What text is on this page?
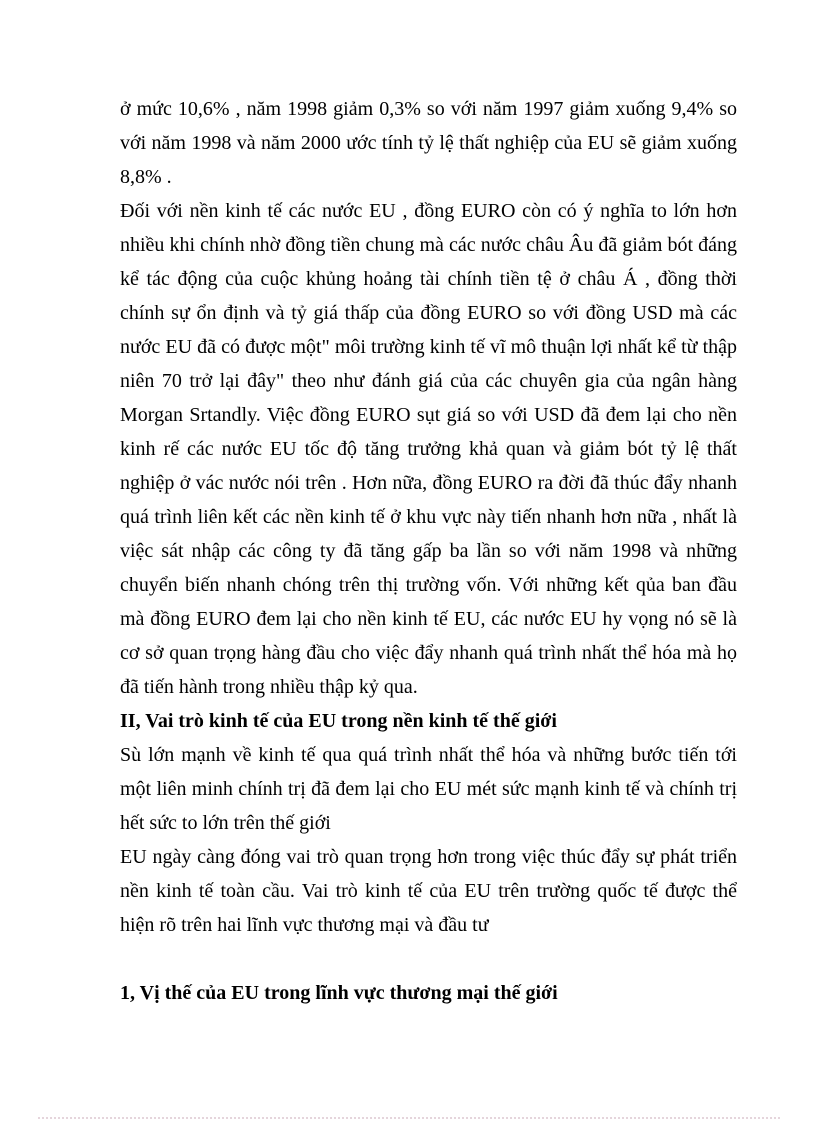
ở mức 10,6% , năm 1998 giảm 0,3% so với năm 1997 giảm xuống 9,4% so với năm 1998 và năm 2000 ước tính tỷ lệ thất nghiệp của EU sẽ giảm xuống 8,8% .

Đối với nền kinh tế các nước EU , đồng EURO còn có ý nghĩa to lớn hơn nhiều khi chính nhờ đồng tiền chung mà các nước châu Âu đã giảm bót đáng kể tác động của cuộc khủng hoảng tài chính tiền tệ ở châu Á , đồng thời chính sự ổn định và tỷ giá thấp của đồng EURO so với đồng USD mà các nước EU đã có được một" môi trường kinh tế vĩ mô thuận lợi nhất kể từ thập niên 70 trở lại đây" theo như đánh giá của các chuyên gia của ngân hàng Morgan Srtandly. Việc đồng EURO sụt giá so với USD đã đem lại cho nền kinh rế các nước EU tốc độ tăng trưởng khả quan và giảm bót tỷ lệ thất nghiệp ở vác nước nói trên . Hơn nữa, đồng EURO ra đời đã thúc đẩy nhanh quá trình liên kết các nền kinh tế ở khu vực này tiến nhanh hơn nữa , nhất là việc sát nhập các công ty đã tăng gấp ba lần so với năm 1998 và những chuyển biến nhanh chóng trên thị trường vốn. Với những kết qủa ban đầu mà đồng EURO đem lại cho nền kinh tế EU, các nước EU hy vọng nó sẽ là cơ sở quan trọng hàng đầu cho việc đẩy nhanh quá trình nhất thể hóa mà họ đã tiến hành trong nhiều thập kỷ qua.

II, Vai trò kinh tế của EU trong nền kinh tế thế giới

Sù lớn mạnh về kinh tế qua quá trình nhất thể hóa và những bước tiến tới một liên minh chính trị đã đem lại cho EU mét sức mạnh kinh tế và chính trị hết sức to lớn trên thế giới

EU ngày càng đóng vai trò quan trọng hơn trong việc thúc đẩy sự phát triển nền kinh tế toàn cầu. Vai trò kinh tế của EU trên trường quốc tế được thể hiện rõ trên hai lĩnh vực thương mại và đầu tư

1, Vị thế của EU trong lĩnh vực thương mại thế giới
